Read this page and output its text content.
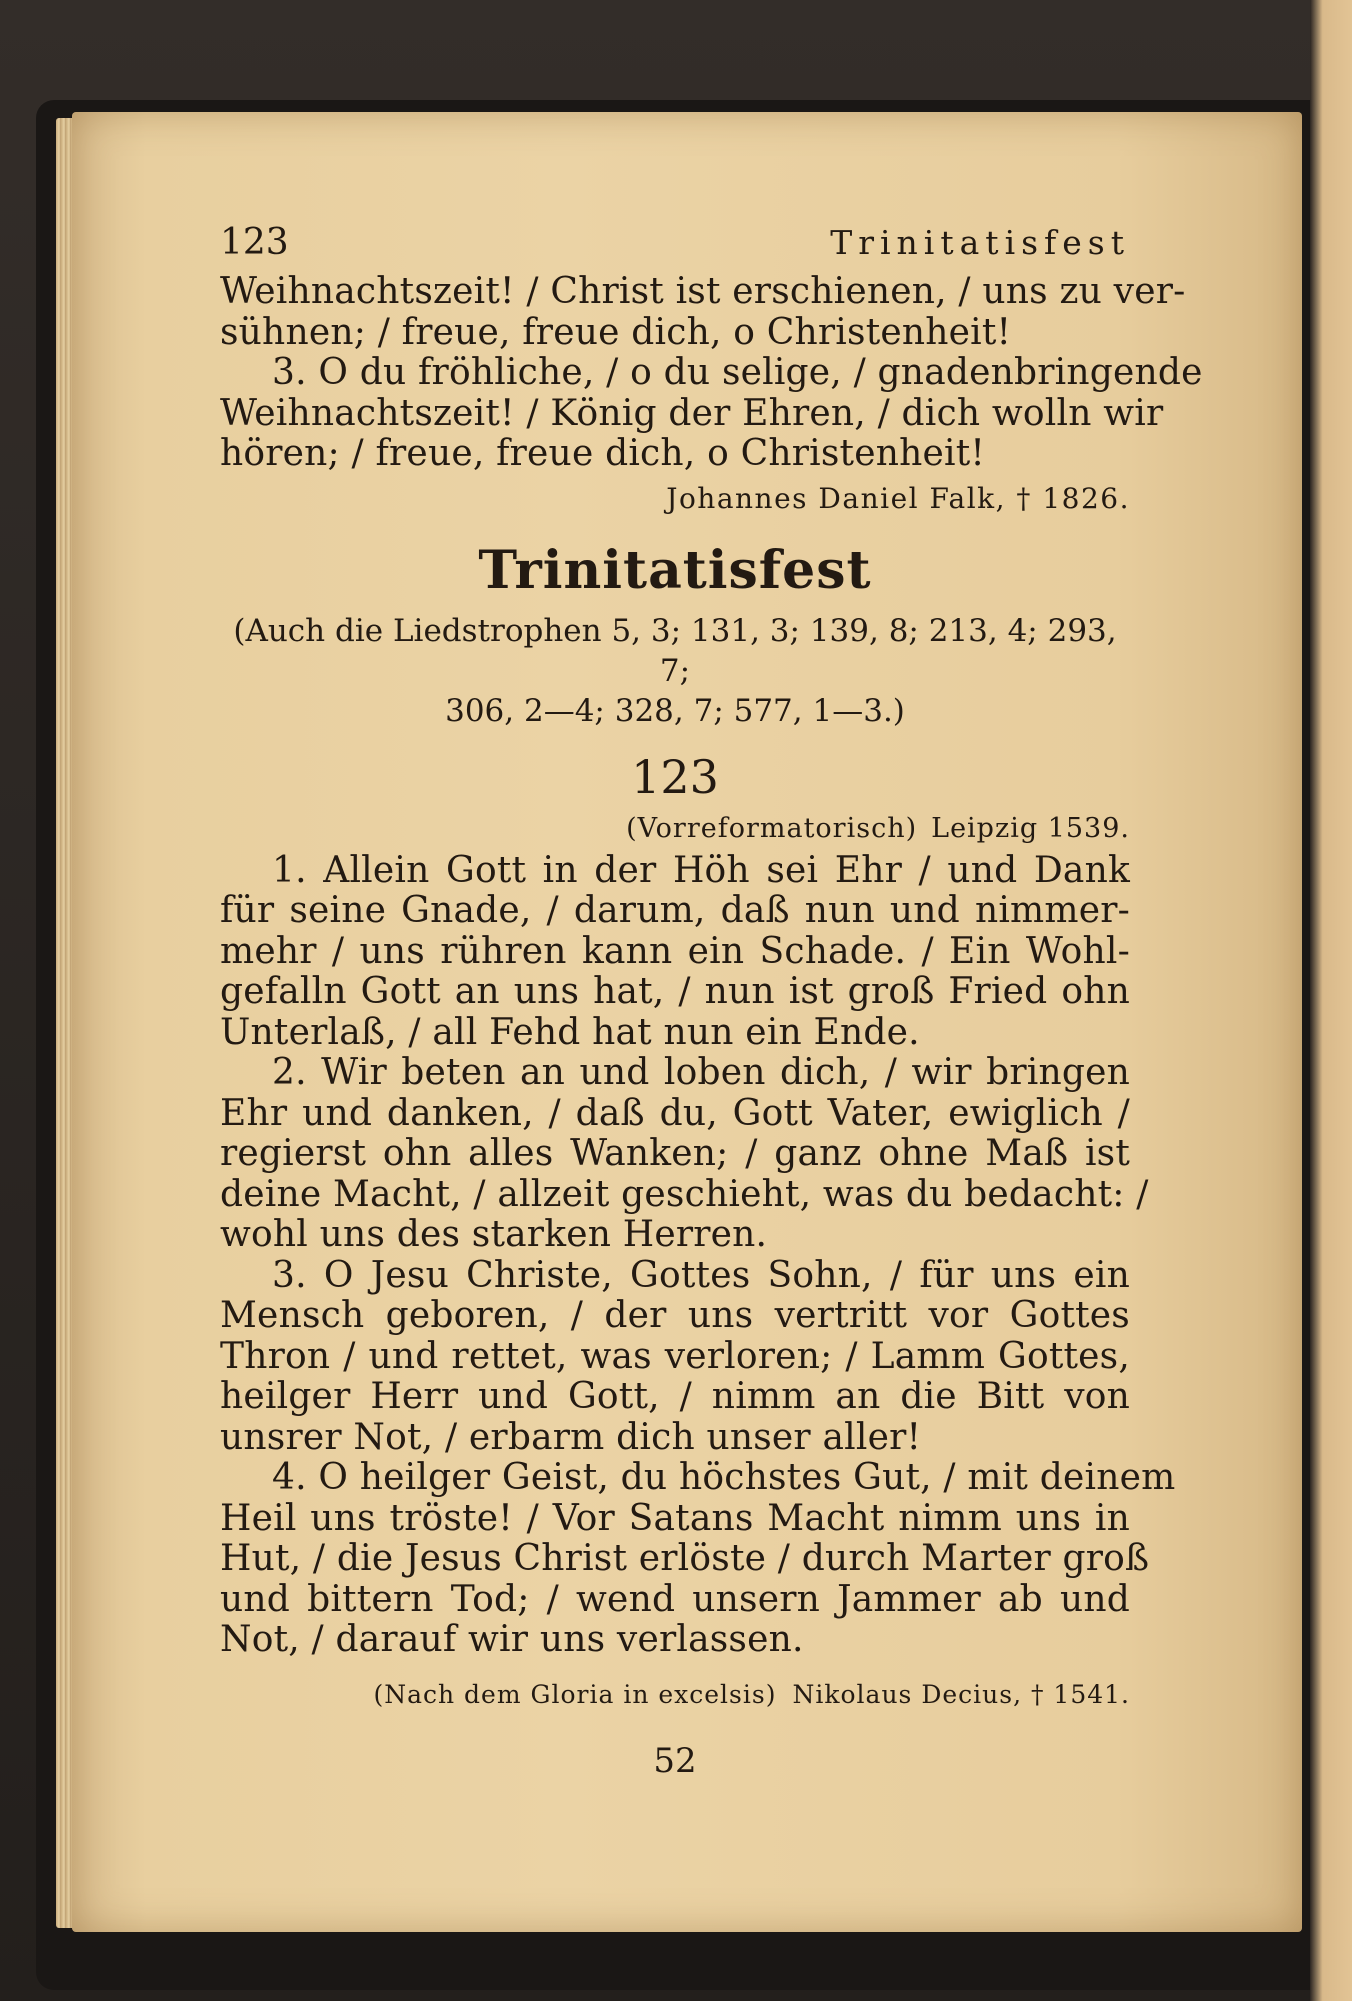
123	Trinitatisfest
Weihnachtszeit! / Christ ist erschienen, / uns zu ver-
sühnen; / freue, freue dich, o Christenheit!
3. O du fröhliche, / o du selige, / gnadenbringende
Weihnachtszeit! / König der Ehren, / dich wolln wir
hören; / freue, freue dich, o Christenheit!
Johannes Daniel Falk, † 1826.
Trinitatisfest
(Auch die Liedstrophen 5, 3; 131, 3; 139, 8; 213, 4; 293, 7;
306, 2—4; 328, 7; 577, 1—3.)
123
(Vorreformatorisch) Leipzig 1539.
1. Allein Gott in der Höh sei Ehr / und Dank
für seine Gnade, / darum, daß nun und nimmer-
mehr / uns rühren kann ein Schade. / Ein Wohl-
gefalln Gott an uns hat, / nun ist groß Fried ohn
Unterlaß, / all Fehd hat nun ein Ende.
2. Wir beten an und loben dich, / wir bringen
Ehr und danken, / daß du, Gott Vater, ewiglich /
regierst ohn alles Wanken; / ganz ohne Maß ist
deine Macht, / allzeit geschieht, was du bedacht: /
wohl uns des starken Herren.
3. O Jesu Christe, Gottes Sohn, / für uns ein
Mensch geboren, / der uns vertritt vor Gottes
Thron / und rettet, was verloren; / Lamm Gottes,
heilger Herr und Gott, / nimm an die Bitt von
unsrer Not, / erbarm dich unser aller!
4. O heilger Geist, du höchstes Gut, / mit deinem
Heil uns tröste! / Vor Satans Macht nimm uns in
Hut, / die Jesus Christ erlöste / durch Marter groß
und bittern Tod; / wend unsern Jammer ab und
Not, / darauf wir uns verlassen.
(Nach dem Gloria in excelsis) Nikolaus Decius, † 1541.
52
